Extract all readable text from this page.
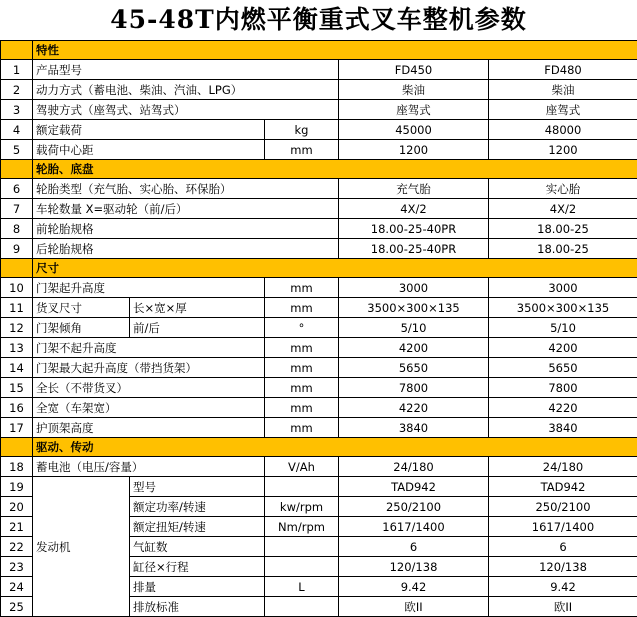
45-48T内燃平衡重式叉车整机参数
	特性				
1	产品型号			FD450	FD480
2	动力方式（蓄电池、柴油、汽油、LPG）			柴油	柴油
3	驾驶方式（座驾式、站驾式）			座驾式	座驾式
4	额定载荷		kg	45000	48000
5	载荷中心距		mm	1200	1200
	轮胎、底盘				
6	轮胎类型（充气胎、实心胎、环保胎）			充气胎	实心胎
7	车轮数量 X=驱动轮（前/后）			4X/2	4X/2
8	前轮胎规格			18.00-25-40PR	18.00-25
9	后轮胎规格			18.00-25-40PR	18.00-25
	尺寸				
10	门架起升高度		mm	3000	3000
11	货叉尺寸	长×宽×厚	mm	3500×300×135	3500×300×135
12	门架倾角	前/后	°	5/10	5/10
13	门架不起升高度		mm	4200	4200
14	门架最大起升高度（带挡货架）		mm	5650	5650
15	全长（不带货叉）		mm	7800	7800
16	全宽（车架宽）		mm	4220	4220
17	护顶架高度		mm	3840	3840
	驱动、传动				
18	蓄电池（电压/容量）		V/Ah	24/180	24/180
19	发动机	型号		TAD942	TAD942
20		额定功率/转速	kw/rpm	250/2100	250/2100
21		额定扭矩/转速	Nm/rpm	1617/1400	1617/1400
22		气缸数		6	6
23		缸径×行程		120/138	120/138
24		排量	L	9.42	9.42
25		排放标准		欧II	欧II
